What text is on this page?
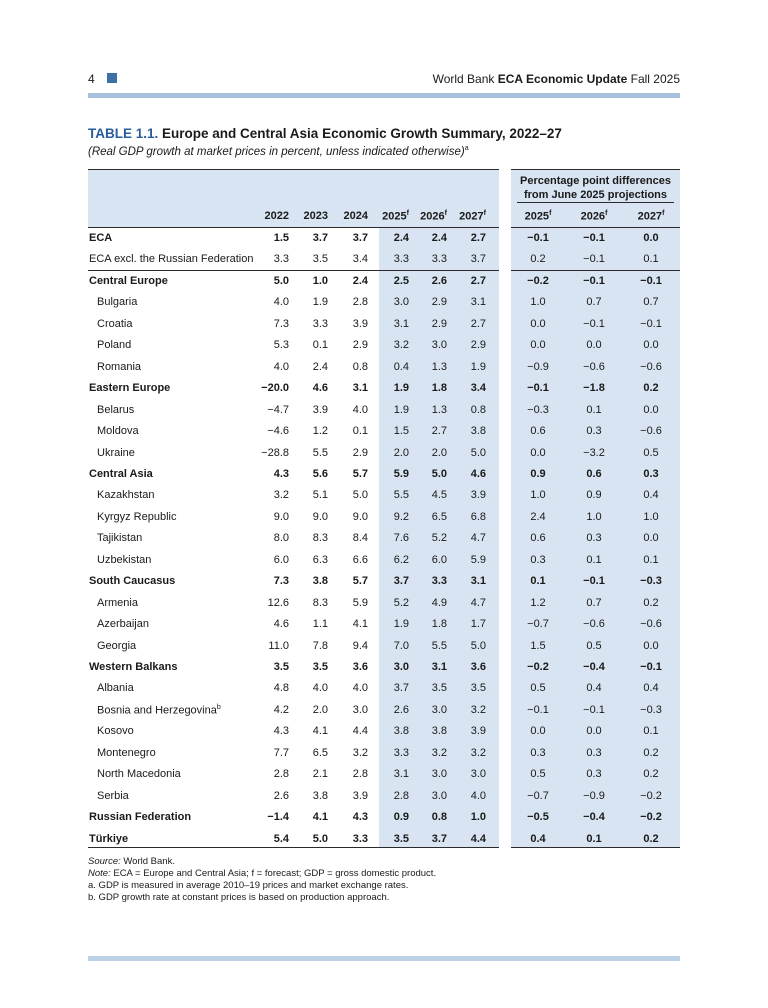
4	World Bank ECA Economic Update Fall 2025
TABLE 1.1. Europe and Central Asia Economic Growth Summary, 2022–27
(Real GDP growth at market prices in percent, unless indicated otherwise)$^a$
Percentage point differences
from June 2025 projections
2022	2023	2024	2025$^f$	2026$^f$	2027$^f$	2025$^f$	2026$^f$	2027$^f$
ECA	1.5	3.7	3.7	2.4	2.4	2.7	−0.1	−0.1	0.0
ECA excl. the Russian Federation	3.3	3.5	3.4	3.3	3.3	3.7	0.2	−0.1	0.1
Central Europe	5.0	1.0	2.4	2.5	2.6	2.7	−0.2	−0.1	−0.1
Bulgaria	4.0	1.9	2.8	3.0	2.9	3.1	1.0	0.7	0.7
Croatia	7.3	3.3	3.9	3.1	2.9	2.7	0.0	−0.1	−0.1
Poland	5.3	0.1	2.9	3.2	3.0	2.9	0.0	0.0	0.0
Romania	4.0	2.4	0.8	0.4	1.3	1.9	−0.9	−0.6	−0.6
Eastern Europe	−20.0	4.6	3.1	1.9	1.8	3.4	−0.1	−1.8	0.2
Belarus	−4.7	3.9	4.0	1.9	1.3	0.8	−0.3	0.1	0.0
Moldova	−4.6	1.2	0.1	1.5	2.7	3.8	0.6	0.3	−0.6
Ukraine	−28.8	5.5	2.9	2.0	2.0	5.0	0.0	−3.2	0.5
Central Asia	4.3	5.6	5.7	5.9	5.0	4.6	0.9	0.6	0.3
Kazakhstan	3.2	5.1	5.0	5.5	4.5	3.9	1.0	0.9	0.4
Kyrgyz Republic	9.0	9.0	9.0	9.2	6.5	6.8	2.4	1.0	1.0
Tajikistan	8.0	8.3	8.4	7.6	5.2	4.7	0.6	0.3	0.0
Uzbekistan	6.0	6.3	6.6	6.2	6.0	5.9	0.3	0.1	0.1
South Caucasus	7.3	3.8	5.7	3.7	3.3	3.1	0.1	−0.1	−0.3
Armenia	12.6	8.3	5.9	5.2	4.9	4.7	1.2	0.7	0.2
Azerbaijan	4.6	1.1	4.1	1.9	1.8	1.7	−0.7	−0.6	−0.6
Georgia	11.0	7.8	9.4	7.0	5.5	5.0	1.5	0.5	0.0
Western Balkans	3.5	3.5	3.6	3.0	3.1	3.6	−0.2	−0.4	−0.1
Albania	4.8	4.0	4.0	3.7	3.5	3.5	0.5	0.4	0.4
Bosnia and Herzegovina$^b$	4.2	2.0	3.0	2.6	3.0	3.2	−0.1	−0.1	−0.3
Kosovo	4.3	4.1	4.4	3.8	3.8	3.9	0.0	0.0	0.1
Montenegro	7.7	6.5	3.2	3.3	3.2	3.2	0.3	0.3	0.2
North Macedonia	2.8	2.1	2.8	3.1	3.0	3.0	0.5	0.3	0.2
Serbia	2.6	3.8	3.9	2.8	3.0	4.0	−0.7	−0.9	−0.2
Russian Federation	−1.4	4.1	4.3	0.9	0.8	1.0	−0.5	−0.4	−0.2
Türkiye	5.4	5.0	3.3	3.5	3.7	4.4	0.4	0.1	0.2
Source: World Bank.
Note: ECA = Europe and Central Asia; f = forecast; GDP = gross domestic product.
a. GDP is measured in average 2010–19 prices and market exchange rates.
b. GDP growth rate at constant prices is based on production approach.
